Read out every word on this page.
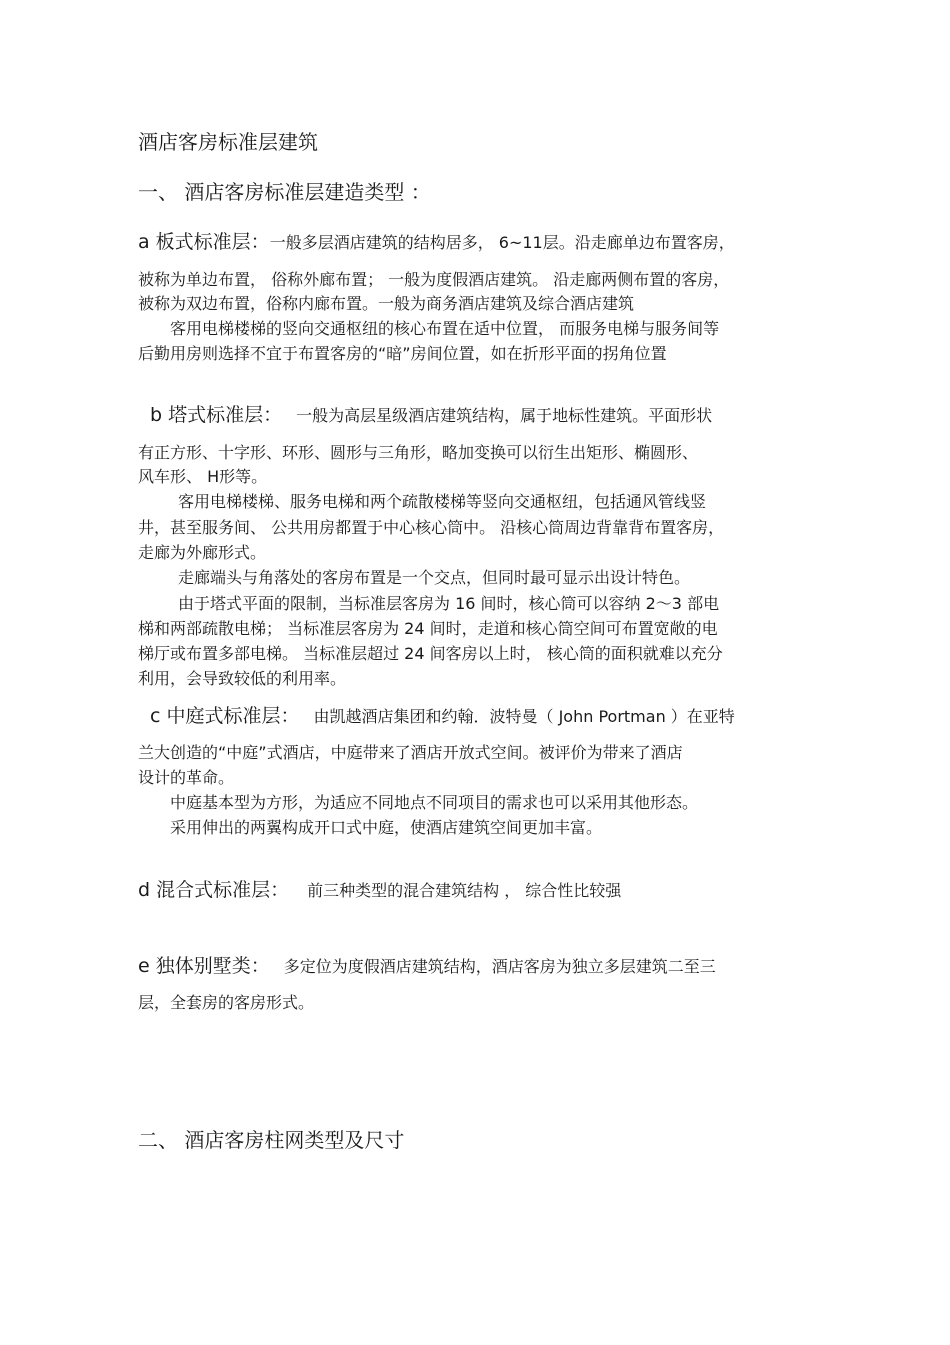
酒店客房标准层建筑
一、 酒店客房标准层建造类型 ：
a 板式标准层：一般多层酒店建筑的结构居多， 6~11层。沿走廊单边布置客房，
被称为单边布置， 俗称外廊布置； 一般为度假酒店建筑。 沿走廊两侧布置的客房，
被称为双边布置，俗称内廊布置。一般为商务酒店建筑及综合酒店建筑
客用电梯楼梯的竖向交通枢纽的核心布置在适中位置， 而服务电梯与服务间等
后勤用房则选择不宜于布置客房的“暗”房间位置，如在折形平面的拐角位置
b 塔式标准层： 一般为高层星级酒店建筑结构，属于地标性建筑。平面形状
有正方形、十字形、环形、圆形与三角形，略加变换可以衍生出矩形、椭圆形、
风车形、 H形等。
客用电梯楼梯、服务电梯和两个疏散楼梯等竖向交通枢纽，包括通风管线竖
井，甚至服务间、 公共用房都置于中心核心筒中。 沿核心筒周边背靠背布置客房，
走廊为外廊形式。
走廊端头与角落处的客房布置是一个交点，但同时最可显示出设计特色。
由于塔式平面的限制，当标准层客房为 16 间时，核心筒可以容纳 2～3 部电
梯和两部疏散电梯； 当标准层客房为 24 间时，走道和核心筒空间可布置宽敞的电
梯厅或布置多部电梯。 当标准层超过 24 间客房以上时， 核心筒的面积就难以充分
利用，会导致较低的利用率。
c 中庭式标准层： 由凯越酒店集团和约翰．波特曼（ John Portman ）在亚特
兰大创造的“中庭”式酒店，中庭带来了酒店开放式空间。被评价为带来了酒店
设计的革命。
中庭基本型为方形，为适应不同地点不同项目的需求也可以采用其他形态。
采用伸出的两翼构成开口式中庭，使酒店建筑空间更加丰富。
d 混合式标准层： 前三种类型的混合建筑结构 ， 综合性比较强
e 独体别墅类： 多定位为度假酒店建筑结构，酒店客房为独立多层建筑二至三
层，全套房的客房形式。
二、 酒店客房柱网类型及尺寸
